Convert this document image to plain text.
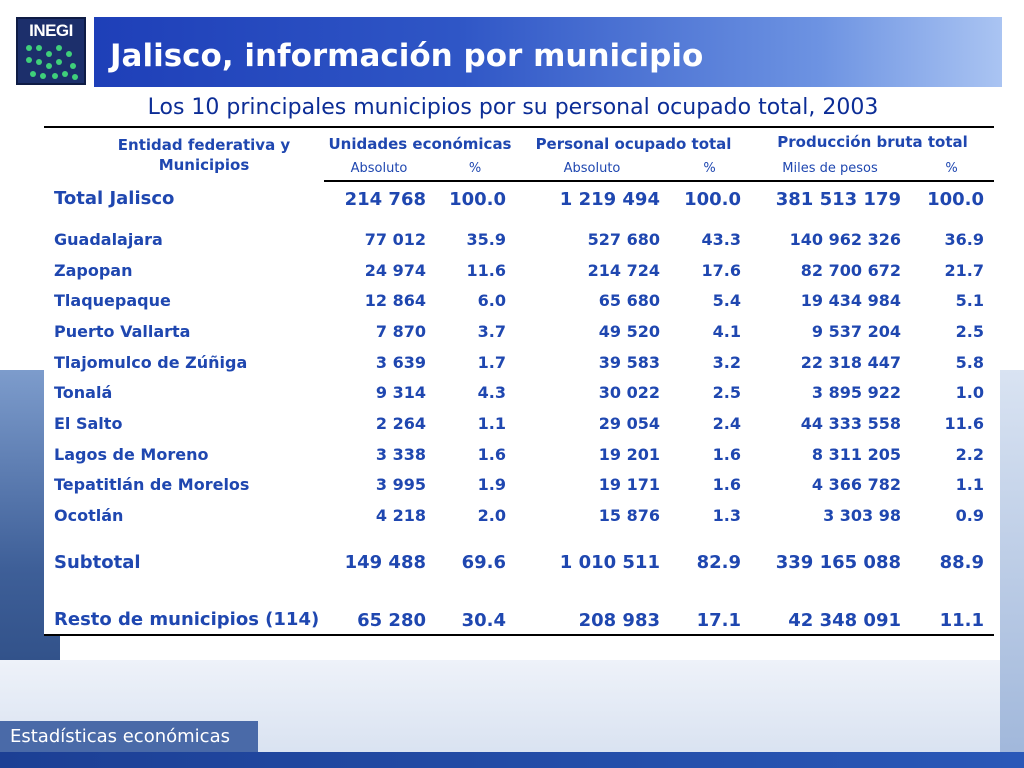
INEGI
Jalisco, información por municipio
Los 10 principales municipios por su personal ocupado total, 2003
Entidad federativa y Municipios	Unidades económicas		Personal ocupado total		Producción bruta total	
	Absoluto	%	Absoluto	%	Miles de pesos	%
Total Jalisco	214 768	100.0	1 219 494	100.0	381 513 179	100.0

Guadalajara	77 012	35.9	527 680	43.3	140 962 326	36.9
Zapopan	24 974	11.6	214 724	17.6	82 700 672	21.7
Tlaquepaque	12 864	6.0	65 680	5.4	19 434 984	5.1
Puerto Vallarta	7 870	3.7	49 520	4.1	9 537 204	2.5
Tlajomulco de Zúñiga	3 639	1.7	39 583	3.2	22 318 447	5.8
Tonalá	9 314	4.3	30 022	2.5	3 895 922	1.0
El Salto	2 264	1.1	29 054	2.4	44 333 558	11.6
Lagos de Moreno	3 338	1.6	19 201	1.6	8 311 205	2.2
Tepatitlán de Morelos	3 995	1.9	19 171	1.6	4 366 782	1.1
Ocotlán	4 218	2.0	15 876	1.3	3 303 98	0.9
Subtotal	149 488	69.6	1 010 511	82.9	339 165 088	88.9
Resto de municipios (114)	65 280	30.4	208 983	17.1	42 348 091	11.1
Estadísticas económicas
